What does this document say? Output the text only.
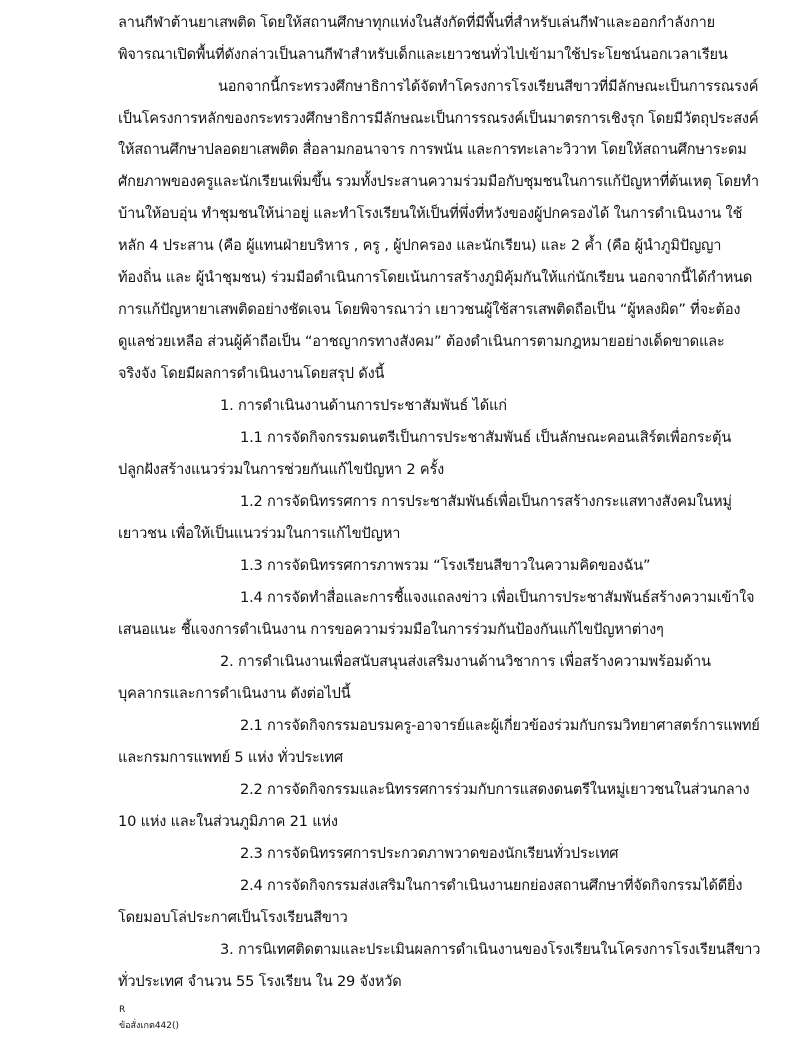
ลานกีฬาต้านยาเสพติด โดยให้สถานศึกษาทุกแห่งในสังกัดที่มีพื้นที่สำหรับเล่นกีฬาและออกกำลังกาย
พิจารณาเปิดพื้นที่ดังกล่าวเป็นลานกีฬาสำหรับเด็กและเยาวชนทั่วไปเข้ามาใช้ประโยชน์นอกเวลาเรียน
นอกจากนี้กระทรวงศึกษาธิการได้จัดทำโครงการโรงเรียนสีขาวที่มีลักษณะเป็นการรณรงค์
เป็นโครงการหลักของกระทรวงศึกษาธิการมีลักษณะเป็นการรณรงค์เป็นมาตรการเชิงรุก โดยมีวัตถุประสงค์
ให้สถานศึกษาปลอดยาเสพติด สื่อลามกอนาจาร การพนัน และการทะเลาะวิวาท โดยให้สถานศึกษาระดม
ศักยภาพของครูและนักเรียนเพิ่มขึ้น รวมทั้งประสานความร่วมมือกับชุมชนในการแก้ปัญหาที่ต้นเหตุ โดยทำ
บ้านให้อบอุ่น ทำชุมชนให้น่าอยู่ และทำโรงเรียนให้เป็นที่พึ่งที่หวังของผู้ปกครองได้ ในการดำเนินงาน ใช้
หลัก 4 ประสาน (คือ ผู้แทนฝ่ายบริหาร , ครู , ผู้ปกครอง และนักเรียน) และ 2 ค้ำ (คือ ผู้นำภูมิปัญญา
ท้องถิ่น และ ผู้นำชุมชน) ร่วมมือดำเนินการโดยเน้นการสร้างภูมิคุ้มกันให้แก่นักเรียน นอกจากนี้ได้กำหนด
การแก้ปัญหายาเสพติดอย่างชัดเจน โดยพิจารณาว่า เยาวชนผู้ใช้สารเสพติดถือเป็น “ผู้หลงผิด” ที่จะต้อง
ดูแลช่วยเหลือ ส่วนผู้ค้าถือเป็น “อาชญากรทางสังคม” ต้องดำเนินการตามกฎหมายอย่างเด็ดขาดและ
จริงจัง โดยมีผลการดำเนินงานโดยสรุป ดังนี้
1. การดำเนินงานด้านการประชาสัมพันธ์ ได้แก่
1.1 การจัดกิจกรรมดนตรีเป็นการประชาสัมพันธ์ เป็นลักษณะคอนเสิร์ตเพื่อกระตุ้น
ปลูกฝังสร้างแนวร่วมในการช่วยกันแก้ไขปัญหา 2 ครั้ง
1.2 การจัดนิทรรศการ การประชาสัมพันธ์เพื่อเป็นการสร้างกระแสทางสังคมในหมู่
เยาวชน เพื่อให้เป็นแนวร่วมในการแก้ไขปัญหา
1.3 การจัดนิทรรศการภาพรวม “โรงเรียนสีขาวในความคิดของฉัน”
1.4 การจัดทำสื่อและการชี้แจงแถลงข่าว เพื่อเป็นการประชาสัมพันธ์สร้างความเข้าใจ
เสนอแนะ ชี้แจงการดำเนินงาน การขอความร่วมมือในการร่วมกันป้องกันแก้ไขปัญหาต่างๆ
2. การดำเนินงานเพื่อสนับสนุนส่งเสริมงานด้านวิชาการ เพื่อสร้างความพร้อมด้าน
บุคลากรและการดำเนินงาน ดังต่อไปนี้
2.1 การจัดกิจกรรมอบรมครู-อาจารย์และผู้เกี่ยวข้องร่วมกับกรมวิทยาศาสตร์การแพทย์
และกรมการแพทย์ 5 แห่ง ทั่วประเทศ
2.2 การจัดกิจกรรมและนิทรรศการร่วมกับการแสดงดนตรีในหมู่เยาวชนในส่วนกลาง
10 แห่ง และในส่วนภูมิภาค 21 แห่ง
2.3 การจัดนิทรรศการประกวดภาพวาดของนักเรียนทั่วประเทศ
2.4 การจัดกิจกรรมส่งเสริมในการดำเนินงานยกย่องสถานศึกษาที่จัดกิจกรรมได้ดียิ่ง
โดยมอบโล่ประกาศเป็นโรงเรียนสีขาว
3. การนิเทศติดตามและประเมินผลการดำเนินงานของโรงเรียนในโครงการโรงเรียนสีขาว
ทั่วประเทศ จำนวน 55 โรงเรียน ใน 29 จังหวัด
R
ข้อสั่งเกต442()
